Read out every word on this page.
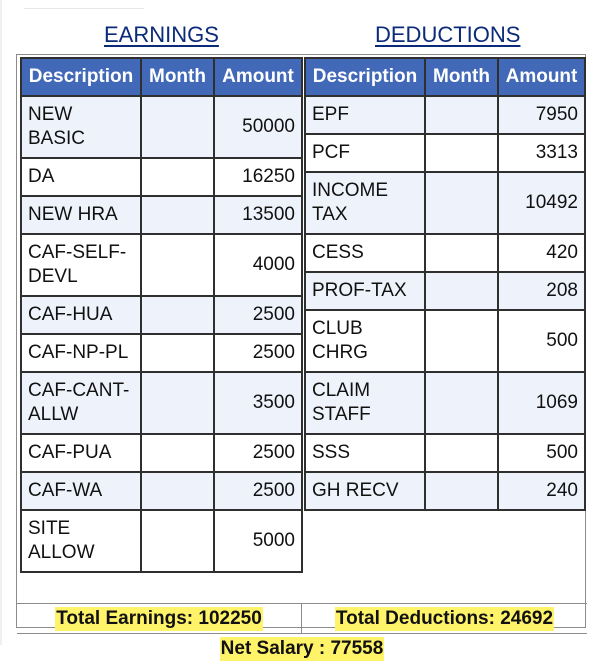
EARNINGS	DEDUCTIONS
Description	Month	Amount
NEW BASIC		50000
DA		16250
NEW HRA		13500
CAF-SELF-DEVL		4000
CAF-HUA		2500
CAF-NP-PL		2500
CAF-CANT-ALLW		3500
CAF-PUA		2500
CAF-WA		2500
SITE ALLOW		5000
Description	Month	Amount
EPF		7950
PCF		3313
INCOME TAX		10492
CESS		420
PROF-TAX		208
CLUB CHRG		500
CLAIM STAFF		1069
SSS		500
GH RECV		240
Total Earnings: 102250	Total Deductions: 24692
Net Salary : 77558
